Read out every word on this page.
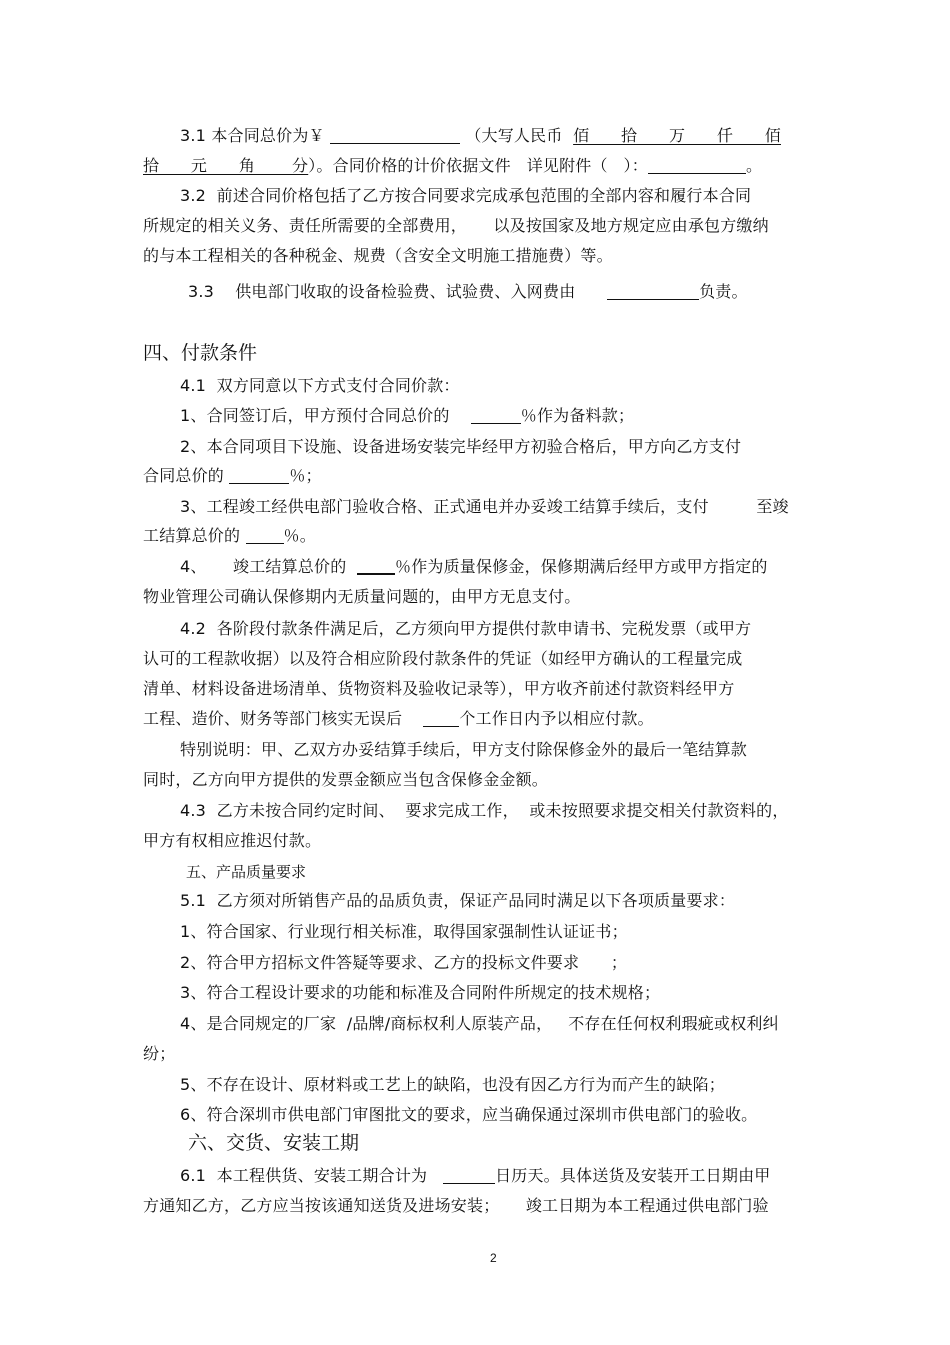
3.1 本合同总价为￥	（大写人民币 佰      拾      万      仟      佰
拾      元      角       分）。合同价格的计价依据文件   详见附件（   ）：	。
3.2  前述合同价格包括了乙方按合同要求完成承包范围的全部内容和履行本合同
所规定的相关义务、责任所需要的全部费用，     以及按国家及地方规定应由承包方缴纳
的与本工程相关的各种税金、规费（含安全文明施工措施费）等。
3.3    供电部门收取的设备检验费、试验费、入网费由	负责。
四、付款条件
4.1  双方同意以下方式支付合同价款：
1、合同签订后，甲方预付合同总价的	％作为备料款；
2、本合同项目下设施、设备进场安装完毕经甲方初验合格后，甲方向乙方支付
合同总价的	％；
3、工程竣工经供电部门验收合格、正式通电并办妥竣工结算手续后，支付	至竣
工结算总价的	％。
4、     竣工结算总价的	％作为质量保修金，保修期满后经甲方或甲方指定的
物业管理公司确认保修期内无质量问题的，由甲方无息支付。
4.2  各阶段付款条件满足后，乙方须向甲方提供付款申请书、完税发票（或甲方
认可的工程款收据）以及符合相应阶段付款条件的凭证（如经甲方确认的工程量完成
清单、材料设备进场清单、货物资料及验收记录等），甲方收齐前述付款资料经甲方
工程、造价、财务等部门核实无误后	个工作日内予以相应付款。
特别说明：甲、乙双方办妥结算手续后，甲方支付除保修金外的最后一笔结算款
同时，乙方向甲方提供的发票金额应当包含保修金金额。
4.3  乙方未按合同约定时间、  要求完成工作，  或未按照要求提交相关付款资料的，
甲方有权相应推迟付款。
五、产品质量要求
5.1  乙方须对所销售产品的品质负责，保证产品同时满足以下各项质量要求：
1、符合国家、行业现行相关标准，取得国家强制性认证证书；
2、符合甲方招标文件答疑等要求、乙方的投标文件要求      ；
3、符合工程设计要求的功能和标准及合同附件所规定的技术规格；
4、是合同规定的厂家  /品牌/商标权利人原装产品，   不存在任何权利瑕疵或权利纠
纷；
5、不存在设计、原材料或工艺上的缺陷，也没有因乙方行为而产生的缺陷；
6、符合深圳市供电部门审图批文的要求，应当确保通过深圳市供电部门的验收。
六、交货、安装工期
6.1  本工程供货、安装工期合计为	日历天。具体送货及安装开工日期由甲
方通知乙方，乙方应当按该通知送货及进场安装；     竣工日期为本工程通过供电部门验
2
